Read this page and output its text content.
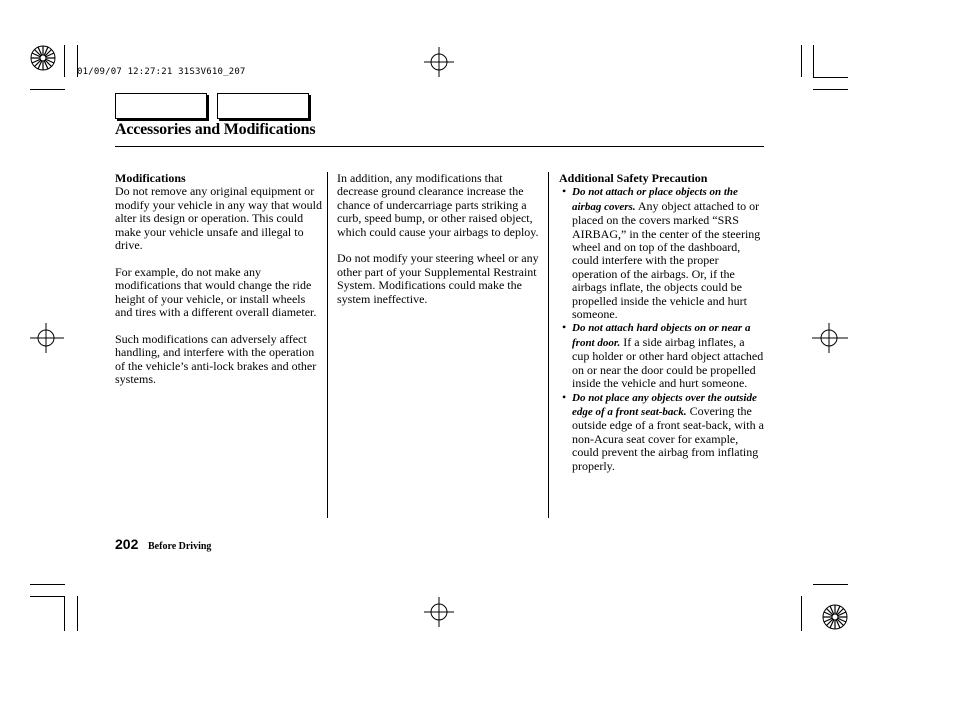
01/09/07 12:27:21 31S3V610_207
Accessories and Modifications
Modifications

Do not remove any original equipment or modify your vehicle in any way that would alter its design or operation. This could make your vehicle unsafe and illegal to drive.

For example, do not make any modifications that would change the ride height of your vehicle, or install wheels and tires with a different overall diameter.

Such modifications can adversely affect handling, and interfere with the operation of the vehicle’s anti-lock brakes and other systems.

In addition, any modifications that decrease ground clearance increase the chance of undercarriage parts striking a curb, speed bump, or other raised object, which could cause your airbags to deploy.

Do not modify your steering wheel or any other part of your Supplemental Restraint System. Modifications could make the system ineffective.

Additional Safety Precaution
• Do not attach or place objects on the airbag covers. Any object attached to or placed on the covers marked “SRS AIRBAG,” in the center of the steering wheel and on top of the dashboard, could interfere with the proper operation of the airbags. Or, if the airbags inflate, the objects could be propelled inside the vehicle and hurt someone.
• Do not attach hard objects on or near a front door. If a side airbag inflates, a cup holder or other hard object attached on or near the door could be propelled inside the vehicle and hurt someone.
• Do not place any objects over the outside edge of a front seat-back. Covering the outside edge of a front seat-back, with a non-Acura seat cover for example, could prevent the airbag from inflating properly.
202 Before Driving
